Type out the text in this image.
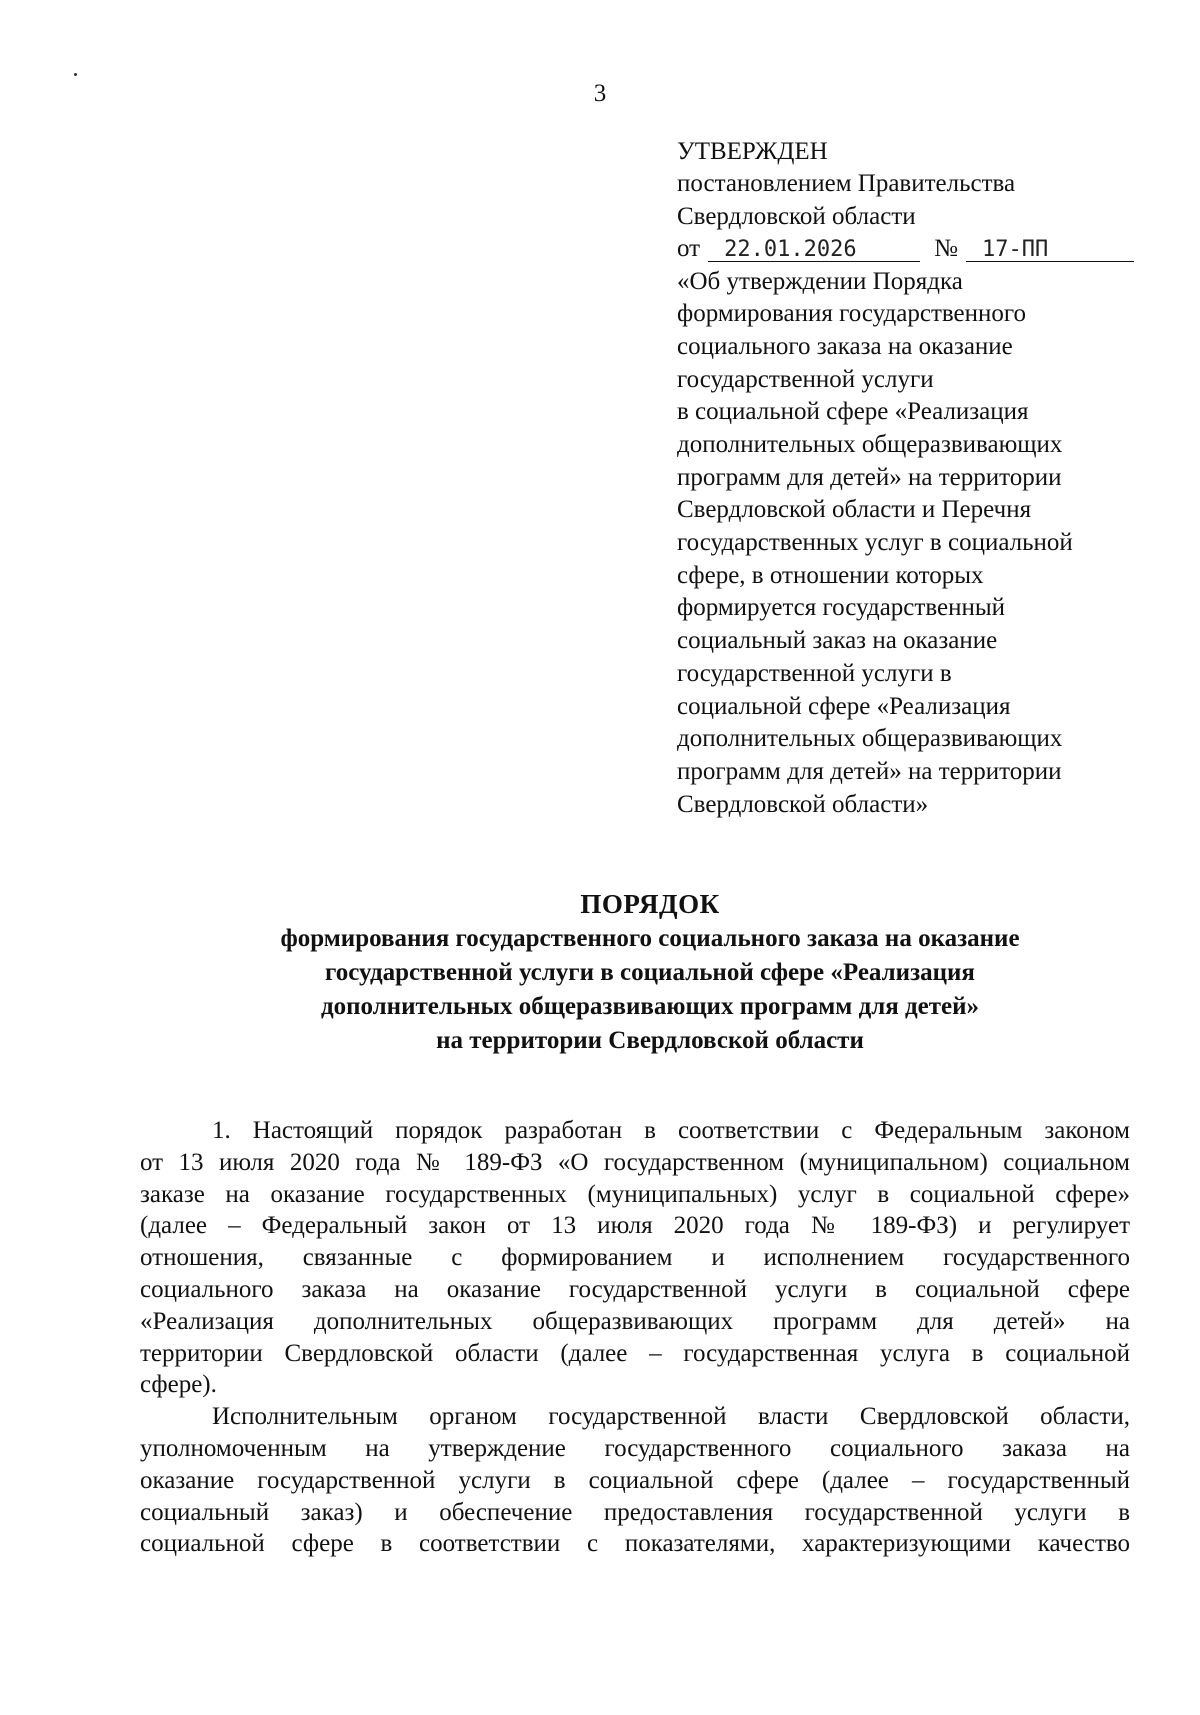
3
УТВЕРЖДЕН
постановлением Правительства
Свердловской области
от 22.01.2026	№ 17-ПП
«Об утверждении Порядка
формирования государственного
социального заказа на оказание
государственной услуги
в социальной сфере «Реализация
дополнительных общеразвивающих
программ для детей» на территории
Свердловской области и Перечня
государственных услуг в социальной
сфере, в отношении которых
формируется государственный
социальный заказ на оказание
государственной услуги в
социальной сфере «Реализация
дополнительных общеразвивающих
программ для детей» на территории
Свердловской области»
ПОРЯДОК
формирования государственного социального заказа на оказание
государственной услуги в социальной сфере «Реализация
дополнительных общеразвивающих программ для детей»
на территории Свердловской области
1. Настоящий порядок разработан в соответствии с Федеральным законом
от 13 июля 2020 года № 189-ФЗ «О государственном (муниципальном) социальном
заказе на оказание государственных (муниципальных) услуг в социальной сфере»
(далее – Федеральный закон от 13 июля 2020 года № 189-ФЗ) и регулирует
отношения, связанные с формированием и исполнением государственного
социального заказа на оказание государственной услуги в социальной сфере
«Реализация дополнительных общеразвивающих программ для детей» на
территории Свердловской области (далее – государственная услуга в социальной
сфере).
Исполнительным органом государственной власти Свердловской области,
уполномоченным на утверждение государственного социального заказа на
оказание государственной услуги в социальной сфере (далее – государственный
социальный заказ) и обеспечение предоставления государственной услуги в
социальной сфере в соответствии с показателями, характеризующими качество
